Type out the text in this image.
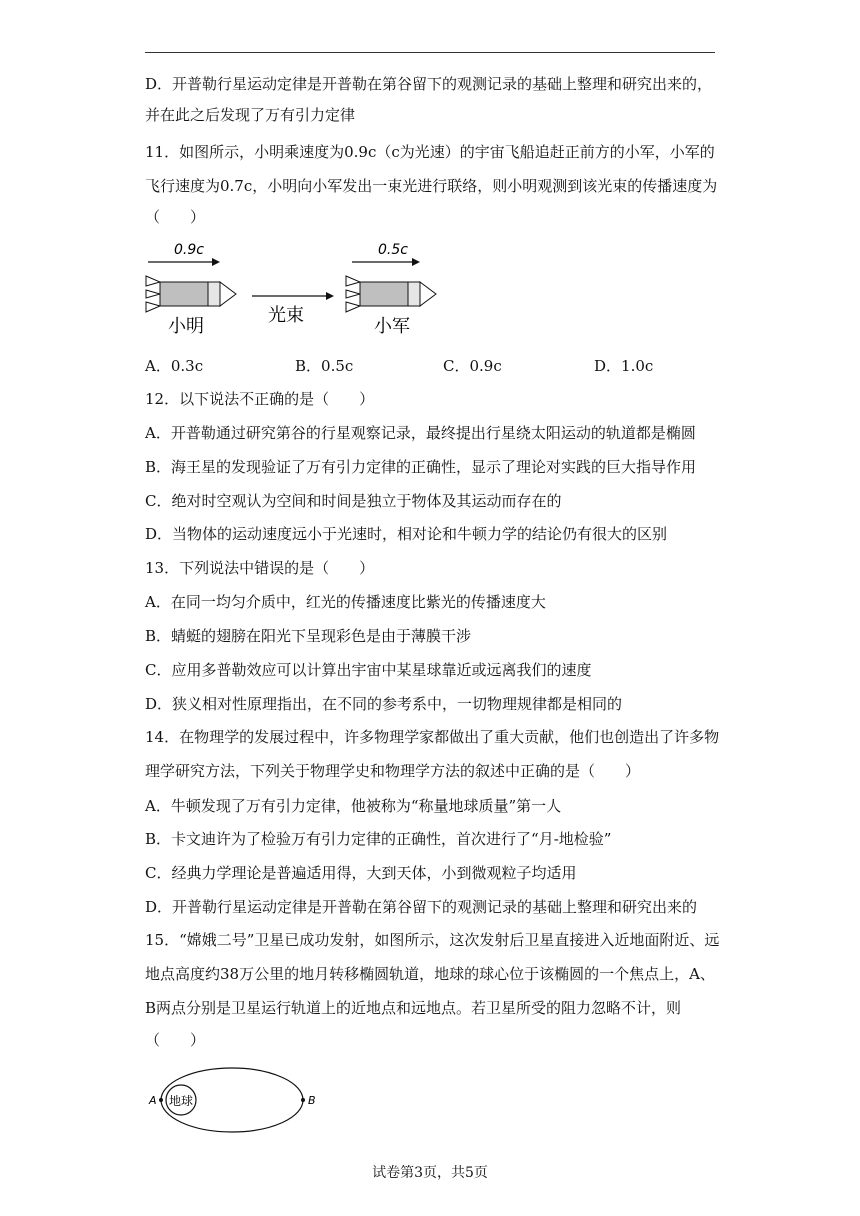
D．开普勒行星运动定律是开普勒在第谷留下的观测记录的基础上整理和研究出来的，
并在此之后发现了万有引力定律
11．如图所示，小明乘速度为0.9c（c为光速）的宇宙飞船追赶正前方的小军，小军的
飞行速度为0.7c，小明向小军发出一束光进行联络，则小明观测到该光束的传播速度为
（　　）
0.9c
小明
光束
0.5c
小军
A．0.3c	B．0.5c	C．0.9c	D．1.0c
12．以下说法不正确的是（　　）
A．开普勒通过研究第谷的行星观察记录，最终提出行星绕太阳运动的轨道都是椭圆
B．海王星的发现验证了万有引力定律的正确性，显示了理论对实践的巨大指导作用
C．绝对时空观认为空间和时间是独立于物体及其运动而存在的
D．当物体的运动速度远小于光速时，相对论和牛顿力学的结论仍有很大的区别
13．下列说法中错误的是（　　）
A．在同一均匀介质中，红光的传播速度比紫光的传播速度大
B．蜻蜓的翅膀在阳光下呈现彩色是由于薄膜干涉
C．应用多普勒效应可以计算出宇宙中某星球靠近或远离我们的速度
D．狭义相对性原理指出，在不同的参考系中，一切物理规律都是相同的
14．在物理学的发展过程中，许多物理学家都做出了重大贡献，他们也创造出了许多物
理学研究方法，下列关于物理学史和物理学方法的叙述中正确的是（　　）
A．牛顿发现了万有引力定律，他被称为“称量地球质量”第一人
B．卡文迪许为了检验万有引力定律的正确性，首次进行了“月-地检验”
C．经典力学理论是普遍适用得，大到天体，小到微观粒子均适用
D．开普勒行星运动定律是开普勒在第谷留下的观测记录的基础上整理和研究出来的
15．“嫦娥二号”卫星已成功发射，如图所示，这次发射后卫星直接进入近地面附近、远
地点高度约38万公里的地月转移椭圆轨道，地球的球心位于该椭圆的一个焦点上，A、
B两点分别是卫星运行轨道上的近地点和远地点。若卫星所受的阻力忽略不计，则
（　　）
地球
A	B
试卷第3页，共5页
